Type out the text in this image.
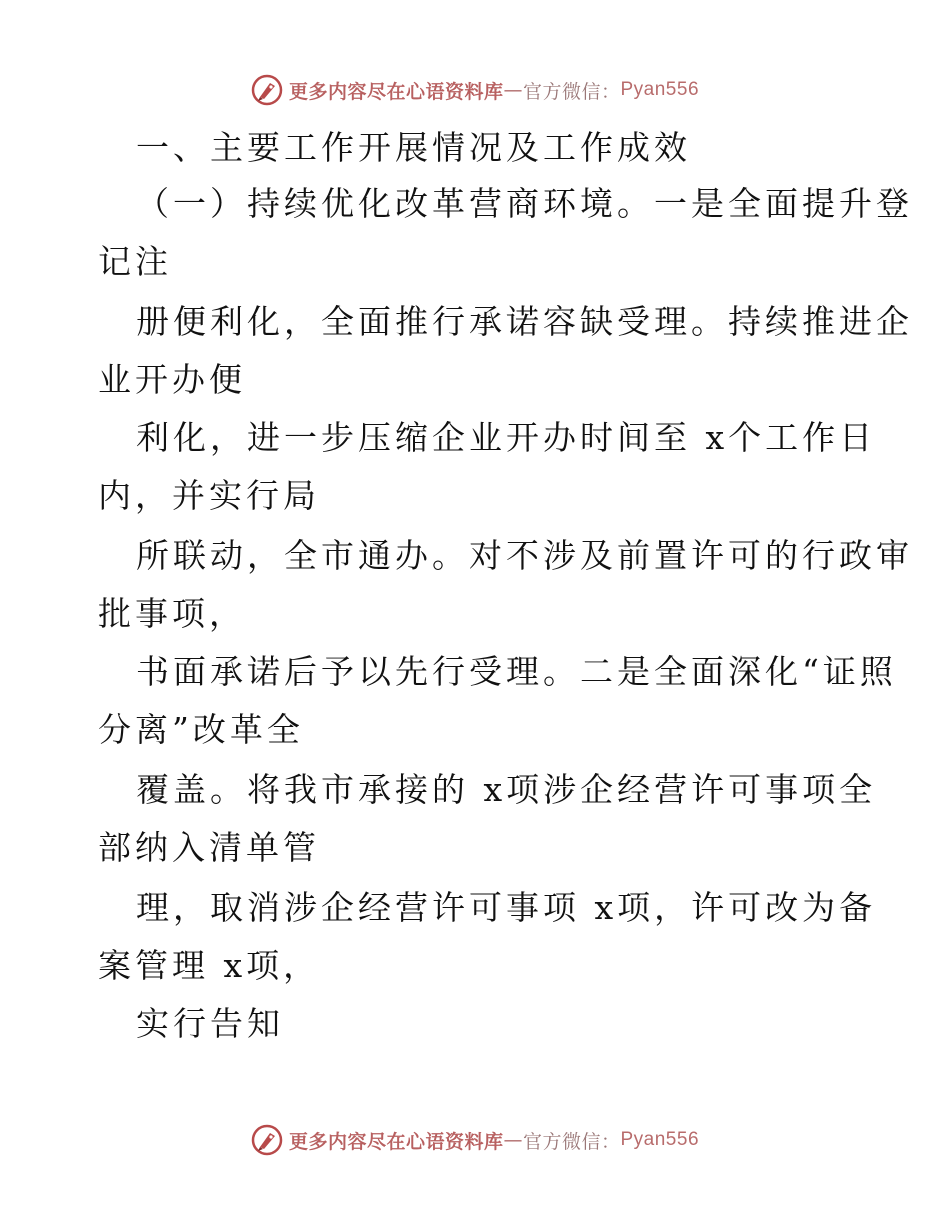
更多内容尽在心语资料库 — 官方微信： Pyan556
一、主要工作开展情况及工作成效
（一）持续优化改革营商环境。一是全面提升登
记注
册便利化，全面推行承诺容缺受理。持续推进企
业开办便
利化，进一步压缩企业开办时间至 x个工作日
内，并实行局
所联动，全市通办。对不涉及前置许可的行政审
批事项，
书面承诺后予以先行受理。二是全面深化“证照
分离”改革全
覆盖。将我市承接的 x项涉企经营许可事项全
部纳入清单管
理，取消涉企经营许可事项 x项，许可改为备
案管理 x项，
实行告知
更多内容尽在心语资料库 — 官方微信： Pyan556
